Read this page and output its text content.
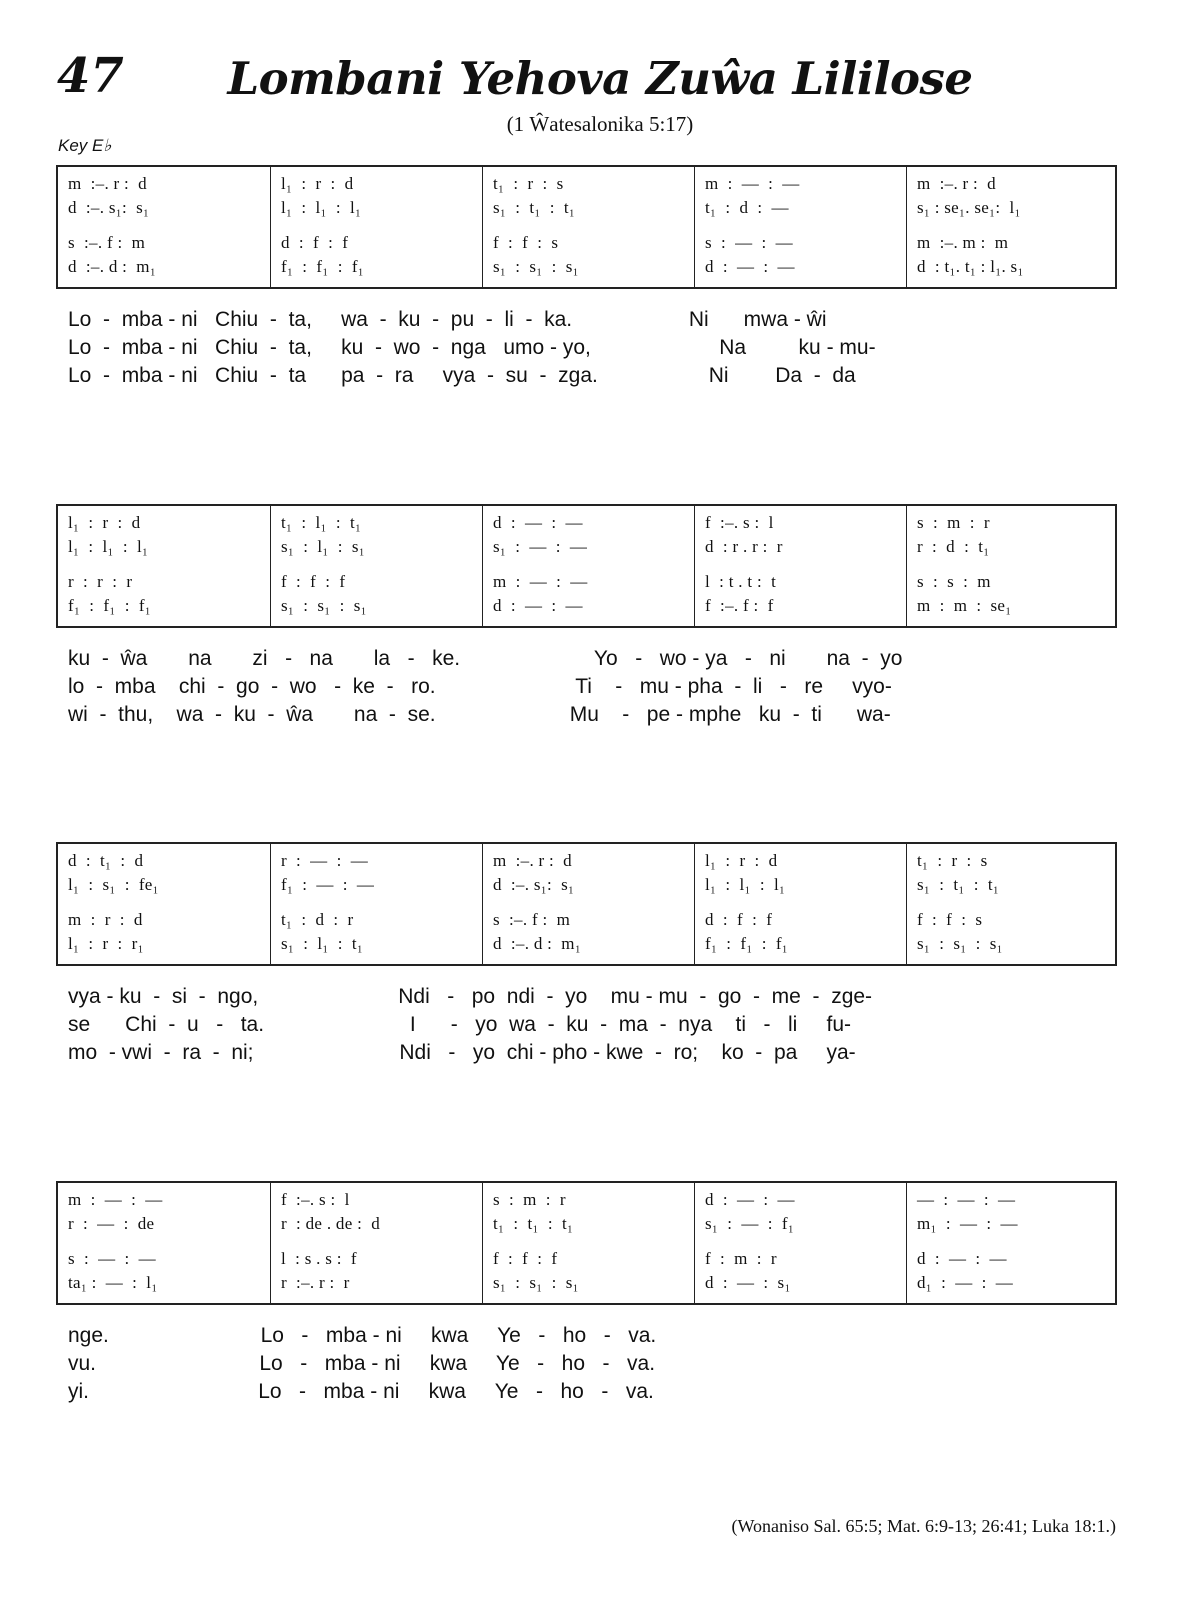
47	Lombani Yehova Zuŵa Lililose
(1 Ŵatesalonika 5:17)
Key E♭
m  :–. r :  d
d  :–. s₁:  s₁
s  :–. f :  m
d  :–. d :  m₁
l₁  :  r  :  d
l₁  :  l₁  :  l₁
d  :  f  :  f
f₁  :  f₁  :  f₁
t₁  :  r  :  s
s₁  :  t₁  :  t₁
f  :  f  :  s
s₁  :  s₁  :  s₁
m  :  —  :  —
t₁  :  d  :  —
s  :  —  :  —
d  :  —  :  —
m  :–. r :  d
s₁ : se₁. se₁:  l₁
m  :–. m :  m
d  : t₁. t₁ : l₁. s₁
Lo  -  mba - ni   Chiu  -  ta,     wa  -  ku  -  pu  -  li  -  ka.                    Ni      mwa - ŵi
Lo  -  mba - ni   Chiu  -  ta,     ku  -  wo  -  nga   umo - yo,                      Na         ku - mu-
Lo  -  mba - ni   Chiu  -  ta      pa  -  ra     vya  -  su  -  zga.                   Ni        Da  -  da
l₁  :  r  :  d
l₁  :  l₁  :  l₁
r  :  r  :  r
f₁  :  f₁  :  f₁
t₁  :  l₁  :  t₁
s₁  :  l₁  :  s₁
f  :  f  :  f
s₁  :  s₁  :  s₁
d  :  —  :  —
s₁  :  —  :  —
m  :  —  :  —
d  :  —  :  —
f  :–. s :  l
d  : r . r :  r
l  : t . t :  t
f  :–. f :  f
s  :  m  :  r
r  :  d  :  t₁
s  :  s  :  m
m  :  m  :  se₁
ku  -  ŵa       na       zi   -   na       la   -   ke.                       Yo   -   wo - ya   -   ni       na  -  yo
lo  -  mba    chi  -  go  -  wo   -  ke  -   ro.                        Ti    -   mu - pha  -  li   -   re     vyo-
wi  -  thu,    wa  -  ku  -  ŵa       na  -  se.                       Mu    -   pe - mphe   ku  -  ti      wa-
d  :  t₁  :  d
l₁  :  s₁  :  fe₁
m  :  r  :  d
l₁  :  r  :  r₁
r  :  —  :  —
f₁  :  —  :  —
t₁  :  d  :  r
s₁  :  l₁  :  t₁
m  :–. r :  d
d  :–. s₁:  s₁
s  :–. f :  m
d  :–. d :  m₁
l₁  :  r  :  d
l₁  :  l₁  :  l₁
d  :  f  :  f
f₁  :  f₁  :  f₁
t₁  :  r  :  s
s₁  :  t₁  :  t₁
f  :  f  :  s
s₁  :  s₁  :  s₁
vya - ku  -  si  -  ngo,                        Ndi   -   po  ndi  -  yo    mu - mu  -  go  -  me  -  zge-
se      Chi  -  u   -   ta.                         I      -   yo  wa  -  ku  -  ma  -  nya    ti   -   li     fu-
mo  - vwi  -  ra  -  ni;                         Ndi   -   yo  chi - pho - kwe  -  ro;    ko  -  pa     ya-
m  :  —  :  —
r  :  —  :  de
s  :  —  :  —
ta₁ :  —  :  l₁
f  :–. s :  l
r  : de . de :  d
l  : s . s :  f
r  :–. r :  r
s  :  m  :  r
t₁  :  t₁  :  t₁
f  :  f  :  f
s₁  :  s₁  :  s₁
d  :  —  :  —
s₁  :  —  :  f₁
f  :  m  :  r
d  :  —  :  s₁
—  :  —  :  —
m₁  :  —  :  —
d  :  —  :  —
d₁  :  —  :  —
nge.                          Lo   -   mba - ni     kwa     Ye   -   ho   -   va.
vu.                            Lo   -   mba - ni     kwa     Ye   -   ho   -   va.
yi.                             Lo   -   mba - ni     kwa     Ye   -   ho   -   va.
(Wonaniso Sal. 65:5; Mat. 6:9-13; 26:41; Luka 18:1.)
